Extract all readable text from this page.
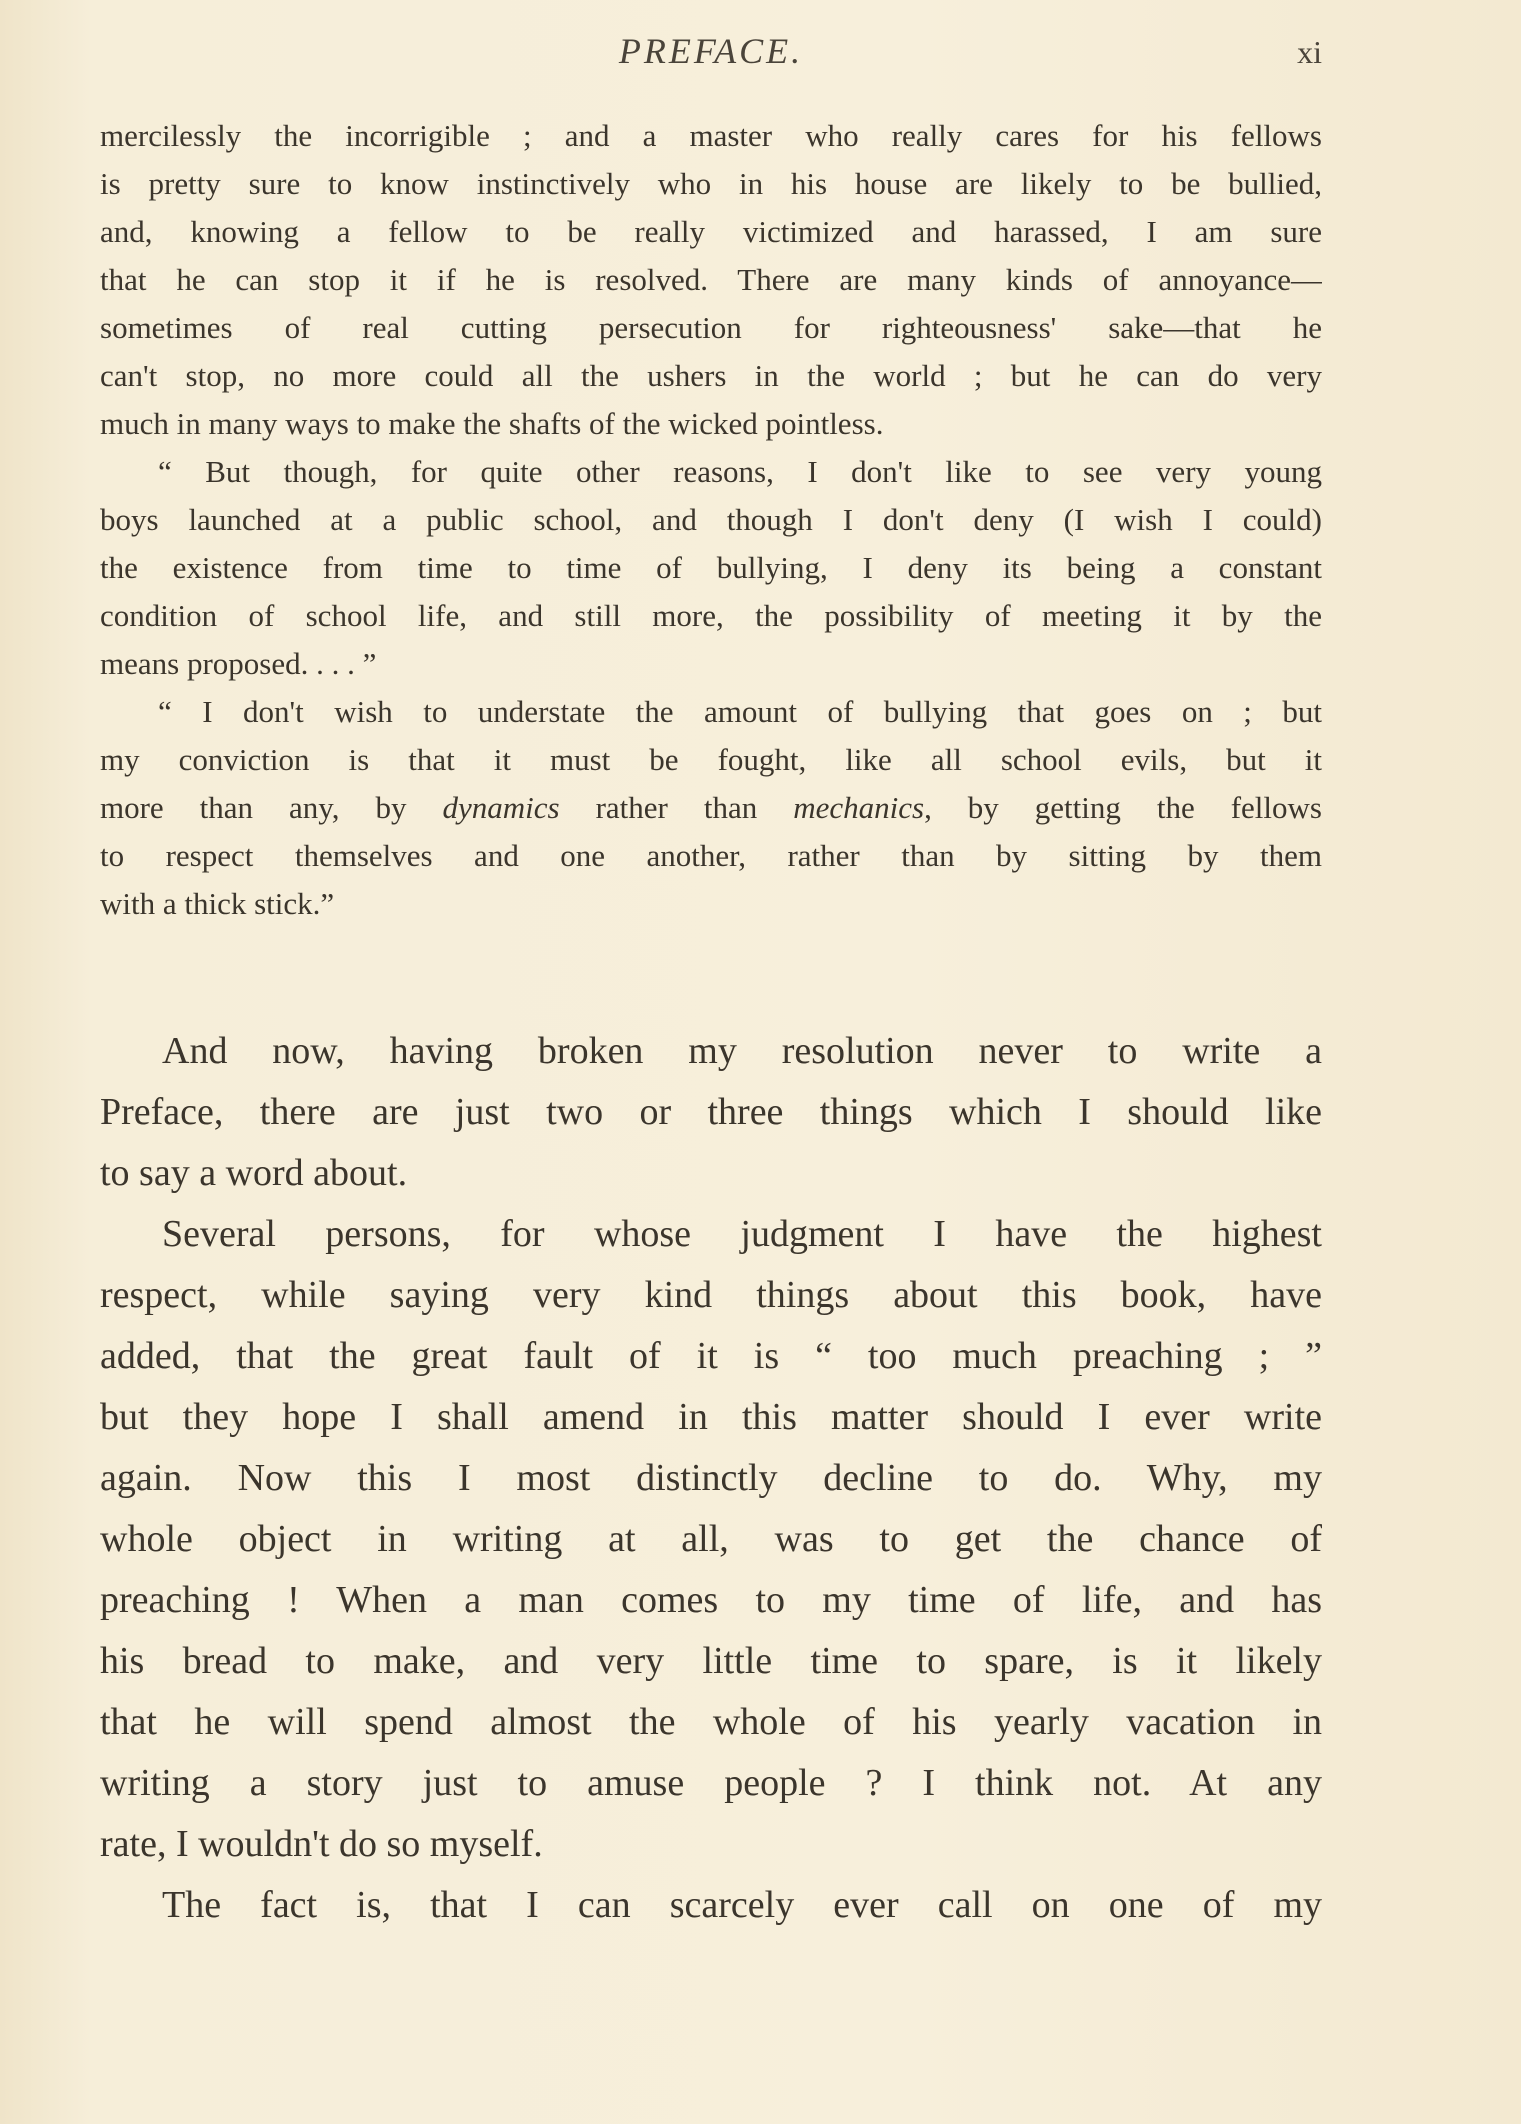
PREFACE.	xi
mercilessly the incorrigible ; and a master who really cares for his fellows
is pretty sure to know instinctively who in his house are likely to be bullied,
and, knowing a fellow to be really victimized and harassed, I am sure
that he can stop it if he is resolved. There are many kinds of annoyance—
sometimes of real cutting persecution for righteousness' sake—that he
can't stop, no more could all the ushers in the world ; but he can do very
much in many ways to make the shafts of the wicked pointless.
“ But though, for quite other reasons, I don't like to see very young
boys launched at a public school, and though I don't deny (I wish I could)
the existence from time to time of bullying, I deny its being a constant
condition of school life, and still more, the possibility of meeting it by the
means proposed. . . . ”
“ I don't wish to understate the amount of bullying that goes on ; but
my conviction is that it must be fought, like all school evils, but it
more than any, by dynamics rather than mechanics, by getting the fellows
to respect themselves and one another, rather than by sitting by them
with a thick stick.”
And now, having broken my resolution never to write a
Preface, there are just two or three things which I should like
to say a word about.
Several persons, for whose judgment I have the highest
respect, while saying very kind things about this book, have
added, that the great fault of it is “ too much preaching ; ”
but they hope I shall amend in this matter should I ever write
again. Now this I most distinctly decline to do. Why, my
whole object in writing at all, was to get the chance of
preaching ! When a man comes to my time of life, and has
his bread to make, and very little time to spare, is it likely
that he will spend almost the whole of his yearly vacation in
writing a story just to amuse people ? I think not. At any
rate, I wouldn't do so myself.
The fact is, that I can scarcely ever call on one of my
